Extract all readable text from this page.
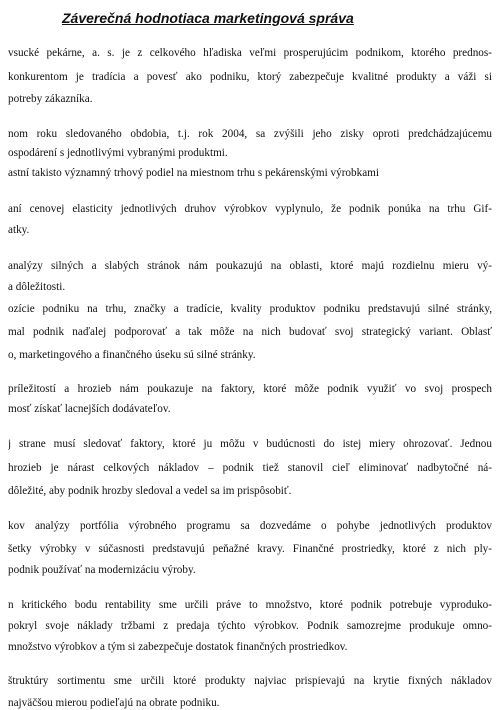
Záverečná hodnotiaca marketingová správa
vsucké pekárne, a. s. je z celkového hľadiska veľmi prosperujúcim podnikom, ktorého prednos-
konkurentom je tradícia a povesť ako podniku, ktorý zabezpečuje kvalitné produkty a váži si
potreby zákazníka.
nom roku sledovaného obdobia, t.j. rok 2004, sa zvýšili jeho zisky oproti predchádzajúcemu
ospodárení s jednotlivými vybranými produktmi.
astní takisto významný trhový podiel na miestnom trhu s pekárenskými výrobkami
aní cenovej elasticity jednotlivých druhov výrobkov vyplynulo, že podnik ponúka na trhu Gif-
atky.
analýzy silných a slabých stránok nám poukazujú na oblasti, ktoré majú rozdielnu mieru vý-
a dôležitosti.
ozície podniku na trhu, značky a tradície, kvality produktov podniku predstavujú silné stránky,
mal podnik naďalej podporovať a tak môže na nich budovať svoj strategický variant. Oblasť
o, marketingového a finančného úseku sú silné stránky.
príležitostí a hrozieb nám poukazuje na faktory, ktoré môže podnik využiť vo svoj prospech
mosť získať lacnejších dodávateľov.
j strane musí sledovať faktory, ktoré ju môžu v budúcnosti do istej miery ohrozovať. Jednou
hrozieb je nárast celkových nákladov – podnik tiež stanovil cieľ eliminovať nadbytočné ná-
dôležité, aby podnik hrozby sledoval a vedel sa im prispôsobiť.
kov analýzy portfólia výrobného programu sa dozvedáme o pohybe jednotlivých produktov
šetky výrobky v súčasnosti predstavujú peňažné kravy. Finančné prostriedky, ktoré z nich ply-
podnik používať na modernizáciu výroby.
n kritického bodu rentability sme určili práve to množstvo, ktoré podnik potrebuje vyproduko-
pokryl svoje náklady tržbami z predaja týchto výrobkov. Podnik samozrejme produkuje omno-
množstvo výrobkov a tým si zabezpečuje dostatok finančných prostriedkov.
štruktúry sortimentu sme určili ktoré produkty najviac prispievajú na krytie fixných nákladov
najväčšou mierou podieľajú na obrate podniku.
